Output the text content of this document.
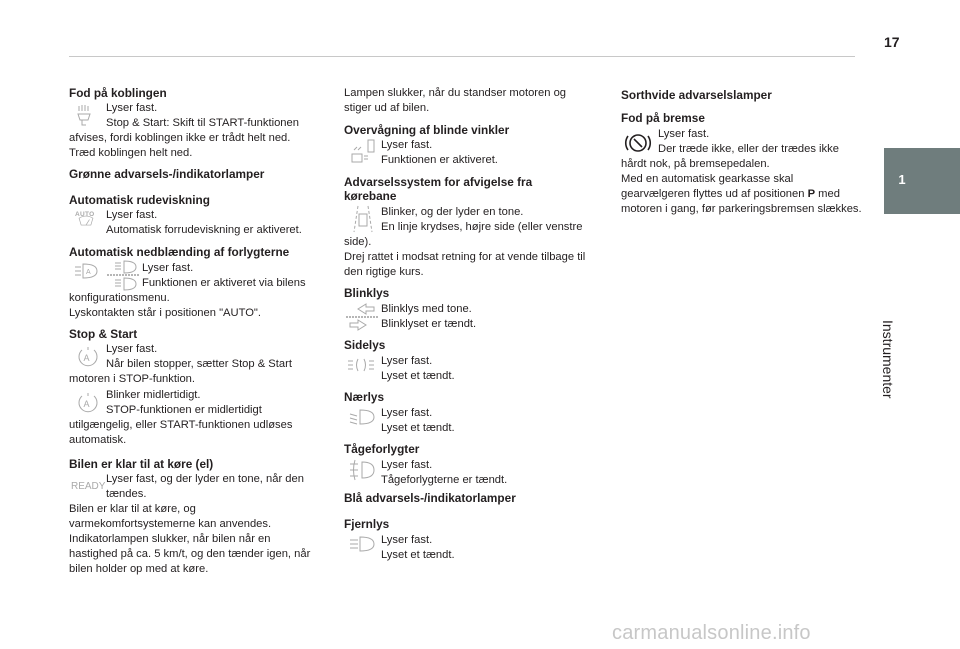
17
1
Instrumenter
Fod på koblingen

Lyser fast.

Stop & Start: Skift til START-funktionen

afvises, fordi koblingen ikke er trådt helt ned.

Træd koblingen helt ned.

Grønne advarsels-/indikatorlamper
Automatisk rudeviskning
AUTO	Lyser fast.

Automatisk forrudeviskning er aktiveret.

Automatisk nedblænding af forlygterne
A	Lyser fast.

Funktionen er aktiveret via bilens

konfigurationsmenu.

Lyskontakten står i positionen "AUTO".

Stop & Start
A

Lyser fast.

Når bilen stopper, sætter Stop & Start

motoren i STOP-funktion.

A

Blinker midlertidigt.

STOP-funktionen er midlertidigt

utilgængelig, eller START-funktionen udløses

automatisk.

Bilen er klar til at køre (el)
READY

Lyser fast, og der lyder en tone, når den

tændes.

Bilen er klar til at køre, og

varmekomfortsystemerne kan anvendes.

Indikatorlampen slukker, når bilen når en

hastighed på ca. 5 km/t, og den tænder igen, når

bilen holder op med at køre.

Lampen slukker, når du standser motoren og

stiger ud af bilen.

Overvågning af blinde vinkler

Lyser fast.

Funktionen er aktiveret.

Advarselssystem for afvigelse fra
kørebane

Blinker, og der lyder en tone.

En linje krydses, højre side (eller venstre

side).

Drej rattet i modsat retning for at vende tilbage til

den rigtige kurs.

Blinklys

Blinklys med tone.

Blinklyset er tændt.

Sidelys

Lyser fast.

Lyset et tændt.

Nærlys

Lyser fast.

Lyset et tændt.

Tågeforlygter

Lyser fast.

Tågeforlygterne er tændt.

Blå advarsels-/indikatorlamper
Fjernlys

Lyser fast.

Lyset et tændt.

Sorthvide advarselslamper
Fod på bremse

Lyser fast.

Der træde ikke, eller der trædes ikke

hårdt nok, på bremsepedalen.

Med en automatisk gearkasse skal

gearvælgeren flyttes ud af positionen P med

motoren i gang, før parkeringsbremsen slækkes.

carmanualsonline.info
